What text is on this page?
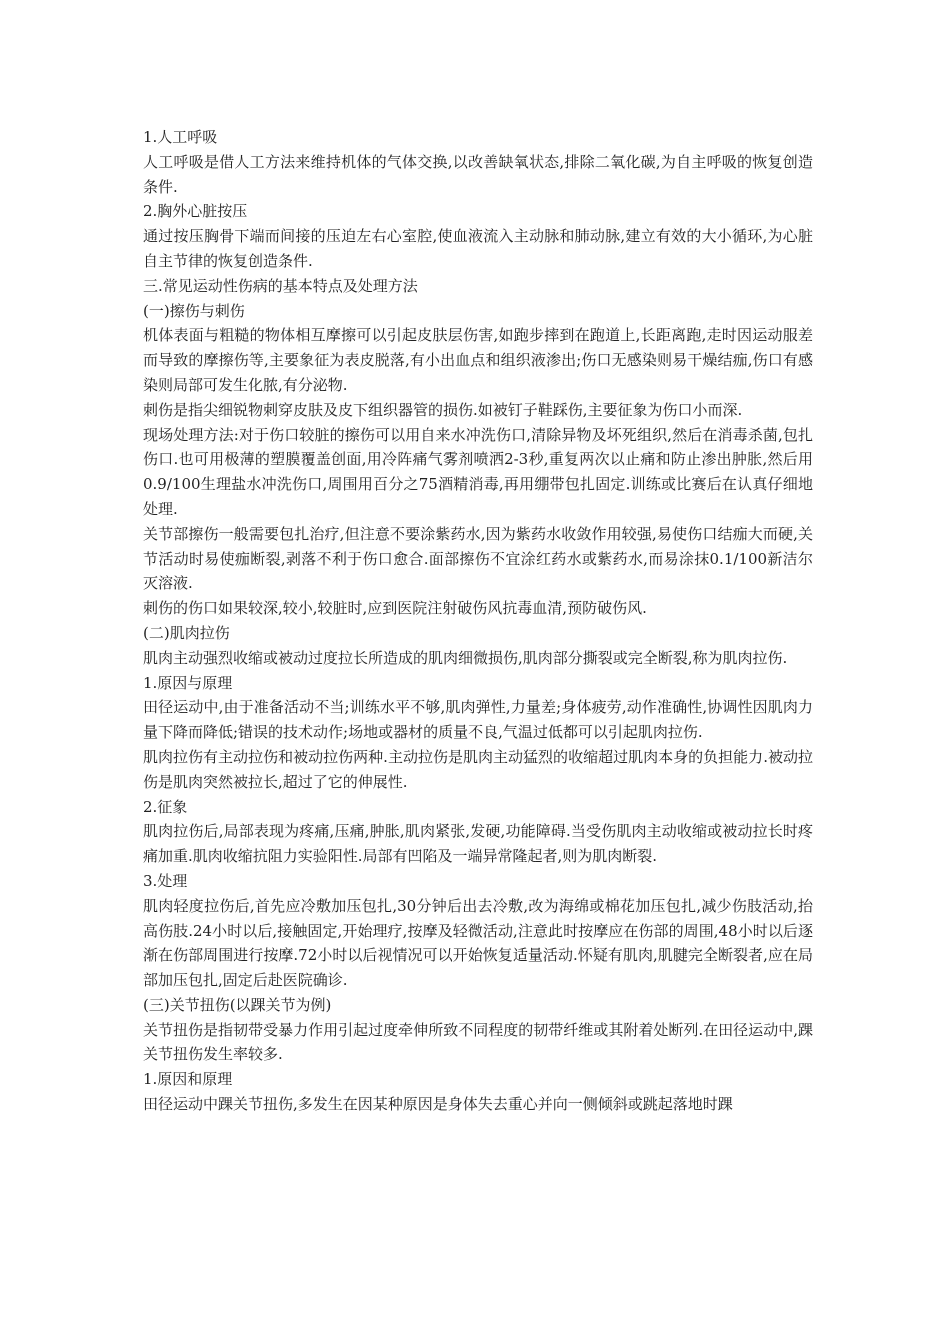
1.人工呼吸

人工呼吸是借人工方法来维持机体的气体交换,以改善缺氧状态,排除二氧化碳,为自主呼吸的恢复创造条件.

2.胸外心脏按压

通过按压胸骨下端而间接的压迫左右心室腔,使血液流入主动脉和肺动脉,建立有效的大小循环,为心脏自主节律的恢复创造条件.

三.常见运动性伤病的基本特点及处理方法

(一)擦伤与刺伤

机体表面与粗糙的物体相互摩擦可以引起皮肤层伤害,如跑步摔到在跑道上,长距离跑,走时因运动服差而导致的摩擦伤等,主要象征为表皮脱落,有小出血点和组织液渗出;伤口无感染则易干燥结痂,伤口有感染则局部可发生化脓,有分泌物.

刺伤是指尖细锐物刺穿皮肤及皮下组织器管的损伤.如被钉子鞋踩伤,主要征象为伤口小而深.

现场处理方法:对于伤口较脏的擦伤可以用自来水冲洗伤口,清除异物及坏死组织,然后在消毒杀菌,包扎伤口.也可用极薄的塑膜覆盖创面,用冷阵痛气雾剂喷洒2-3秒,重复两次以止痛和防止渗出肿胀,然后用0.9/100生理盐水冲洗伤口,周围用百分之75酒精消毒,再用绷带包扎固定.训练或比赛后在认真仔细地处理.

关节部擦伤一般需要包扎治疗,但注意不要涂紫药水,因为紫药水收敛作用较强,易使伤口结痂大而硬,关节活动时易使痂断裂,剥落不利于伤口愈合.面部擦伤不宜涂红药水或紫药水,而易涂抹0.1/100新洁尔灭溶液.

刺伤的伤口如果较深,较小,较脏时,应到医院注射破伤风抗毒血清,预防破伤风.

(二)肌肉拉伤

肌肉主动强烈收缩或被动过度拉长所造成的肌肉细微损伤,肌肉部分撕裂或完全断裂,称为肌肉拉伤.

1.原因与原理

田径运动中,由于准备活动不当;训练水平不够,肌肉弹性,力量差;身体疲劳,动作准确性,协调性因肌肉力量下降而降低;错误的技术动作;场地或器材的质量不良,气温过低都可以引起肌肉拉伤.

肌肉拉伤有主动拉伤和被动拉伤两种.主动拉伤是肌肉主动猛烈的收缩超过肌肉本身的负担能力.被动拉伤是肌肉突然被拉长,超过了它的伸展性.

2.征象

肌肉拉伤后,局部表现为疼痛,压痛,肿胀,肌肉紧张,发硬,功能障碍.当受伤肌肉主动收缩或被动拉长时疼痛加重.肌肉收缩抗阻力实验阳性.局部有凹陷及一端异常隆起者,则为肌肉断裂.

3.处理

肌肉轻度拉伤后,首先应冷敷加压包扎,30分钟后出去冷敷,改为海绵或棉花加压包扎,减少伤肢活动,抬高伤肢.24小时以后,接触固定,开始理疗,按摩及轻微活动,注意此时按摩应在伤部的周围,48小时以后逐渐在伤部周围进行按摩.72小时以后视情况可以开始恢复适量活动.怀疑有肌肉,肌腱完全断裂者,应在局部加压包扎,固定后赴医院确诊.

(三)关节扭伤(以踝关节为例)

关节扭伤是指韧带受暴力作用引起过度牵伸所致不同程度的韧带纤维或其附着处断列.在田径运动中,踝关节扭伤发生率较多.

1.原因和原理

田径运动中踝关节扭伤,多发生在因某种原因是身体失去重心并向一侧倾斜或跳起落地时踝
